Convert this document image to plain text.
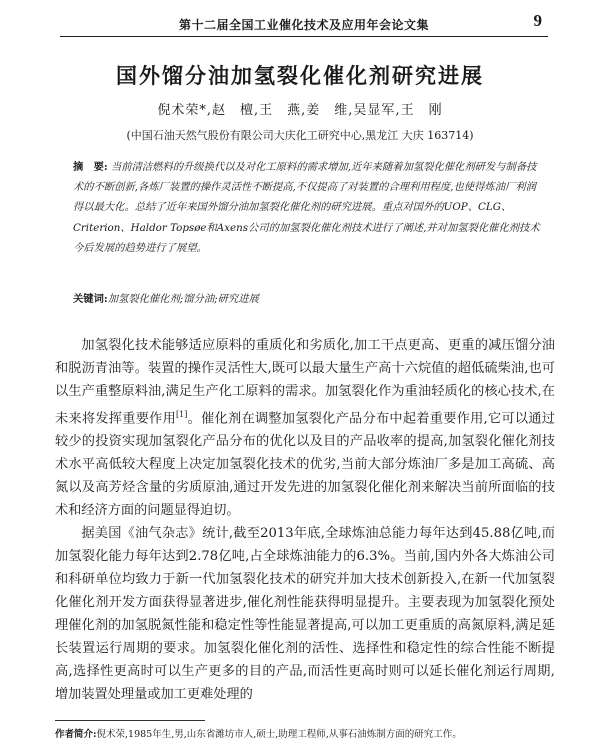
第十二届全国工业催化技术及应用年会论文集	9
国外馏分油加氢裂化催化剂研究进展
倪术荣*,赵　檀,王　燕,姜　维,吴显军,王　刚
(中国石油天然气股份有限公司大庆化工研究中心,黑龙江 大庆 163714)
摘　要: 当前清洁燃料的升级换代以及对化工原料的需求增加,近年来随着加氢裂化催化剂研发与制备技术的不断创新,各炼厂装置的操作灵活性不断提高,不仅提高了对装置的合理利用程度,也使得炼油厂利润得以最大化。总结了近年来国外馏分油加氢裂化催化剂的研究进展。重点对国外的UOP、CLG、Criterion、Haldor Topsøe和Axens公司的加氢裂化催化剂技术进行了阐述,并对加氢裂化催化剂技术今后发展的趋势进行了展望。
关键词:加氢裂化催化剂;馏分油;研究进展

加氢裂化技术能够适应原料的重质化和劣质化,加工干点更高、更重的减压馏分油和脱沥青油等。装置的操作灵活性大,既可以最大量生产高十六烷值的超低硫柴油,也可以生产重整原料油,满足生产化工原料的需求。加氢裂化作为重油轻质化的核心技术,在未来将发挥重要作用[1]。催化剂在调整加氢裂化产品分布中起着重要作用,它可以通过较少的投资实现加氢裂化产品分布的优化以及目的产品收率的提高,加氢裂化催化剂技术水平高低较大程度上决定加氢裂化技术的优劣,当前大部分炼油厂多是加工高硫、高氮以及高芳烃含量的劣质原油,通过开发先进的加氢裂化催化剂来解决当前所面临的技术和经济方面的问题显得迫切。

据美国《油气杂志》统计,截至2013年底,全球炼油总能力每年达到45.88亿吨,而加氢裂化能力每年达到2.78亿吨,占全球炼油能力的6.3%。当前,国内外各大炼油公司和科研单位均致力于新一代加氢裂化技术的研究并加大技术创新投入,在新一代加氢裂化催化剂开发方面获得显著进步,催化剂性能获得明显提升。主要表现为加氢裂化预处理催化剂的加氢脱氮性能和稳定性等性能显著提高,可以加工更重质的高氮原料,满足延长装置运行周期的要求。加氢裂化催化剂的活性、选择性和稳定性的综合性能不断提高,选择性更高时可以生产更多的目的产品,而活性更高时则可以延长催化剂运行周期,增加装置处理量或加工更难处理的

作者简介:倪术荣,1985年生,男,山东省潍坊市人,硕士,助理工程师,从事石油炼制方面的研究工作。
